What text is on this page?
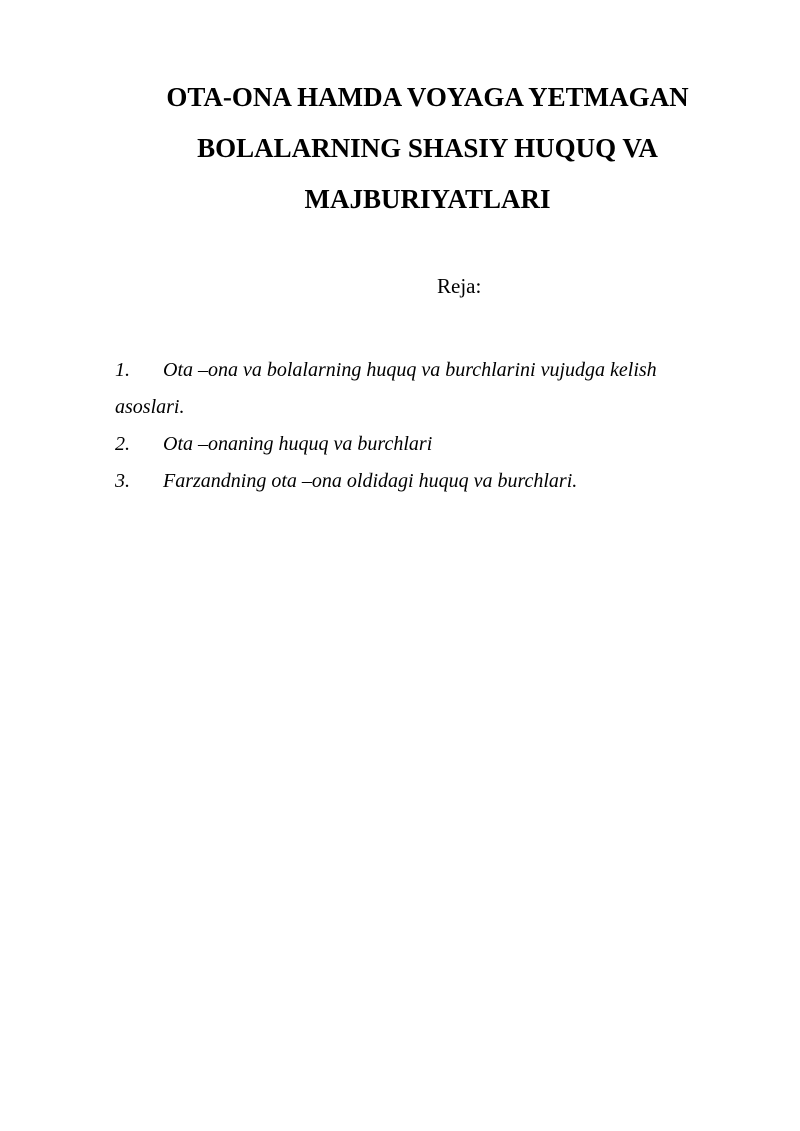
OTA-ONA HAMDA VOYAGA YETMAGAN
BOLALARNING SHASIY HUQUQ VA
MAJBURIYATLARI

Reja:

1. Ota –ona va bolalarning huquq va burchlarini vujudga kelish
asoslari.
2. Ota –onaning huquq va burchlari
3. Farzandning ota –ona oldidagi huquq va burchlari.
